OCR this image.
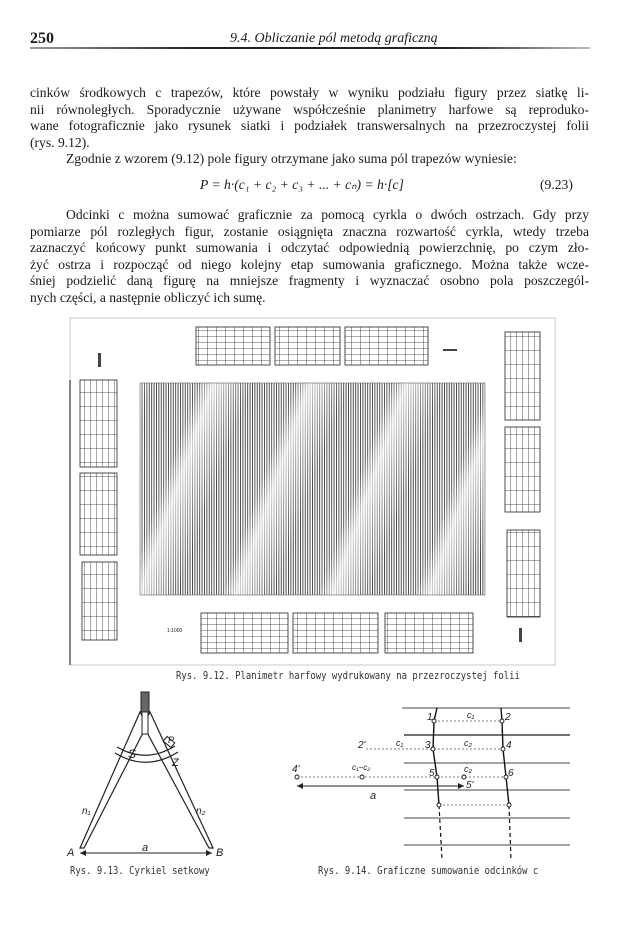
250	9.4. Obliczanie pól metodą graficzną
cinków środkowych c trapezów, które powstały w wyniku podziału figury przez siatkę li-
nii równoległych. Sporadycznie używane współcześnie planimetry harfowe są reproduko-
wane fotograficznie jako rysunek siatki i podziałek transwersalnych na przezroczystej folii
(rys. 9.12).
Zgodnie z wzorem (9.12) pole figury otrzymane jako suma pól trapezów wyniesie:
P = h·(c₁ + c₂ + c₃ + ... + cₙ) = h·[c]	(9.23)
Odcinki c można sumować graficznie za pomocą cyrkla o dwóch ostrzach. Gdy przy
pomiarze pól rozległych figur, zostanie osiągnięta znaczna rozwartość cyrkla, wtedy trzeba
zaznaczyć końcowy punkt sumowania i odczytać odpowiednią powierzchnię, po czym zło-
żyć ostrza i rozpocząć od niego kolejny etap sumowania graficznego. Można także wcze-
śniej podzielić daną figurę na mniejsze fragmenty i wyznaczać osobno pola poszczegól-
nych części, a następnie obliczyć ich sumę.
1:1000
Rys. 9.12. Planimetr harfowy wydrukowany na przezroczystej folii
S
Z
P
n₁	n₂
A	B
a
Rys. 9.13. Cyrkiel setkowy
1	2
3	4
5	6
2'
4'
5'
c₁
c₁	c₂
c₁−c₂	c₂
a
Rys. 9.14. Graficzne sumowanie odcinków c
